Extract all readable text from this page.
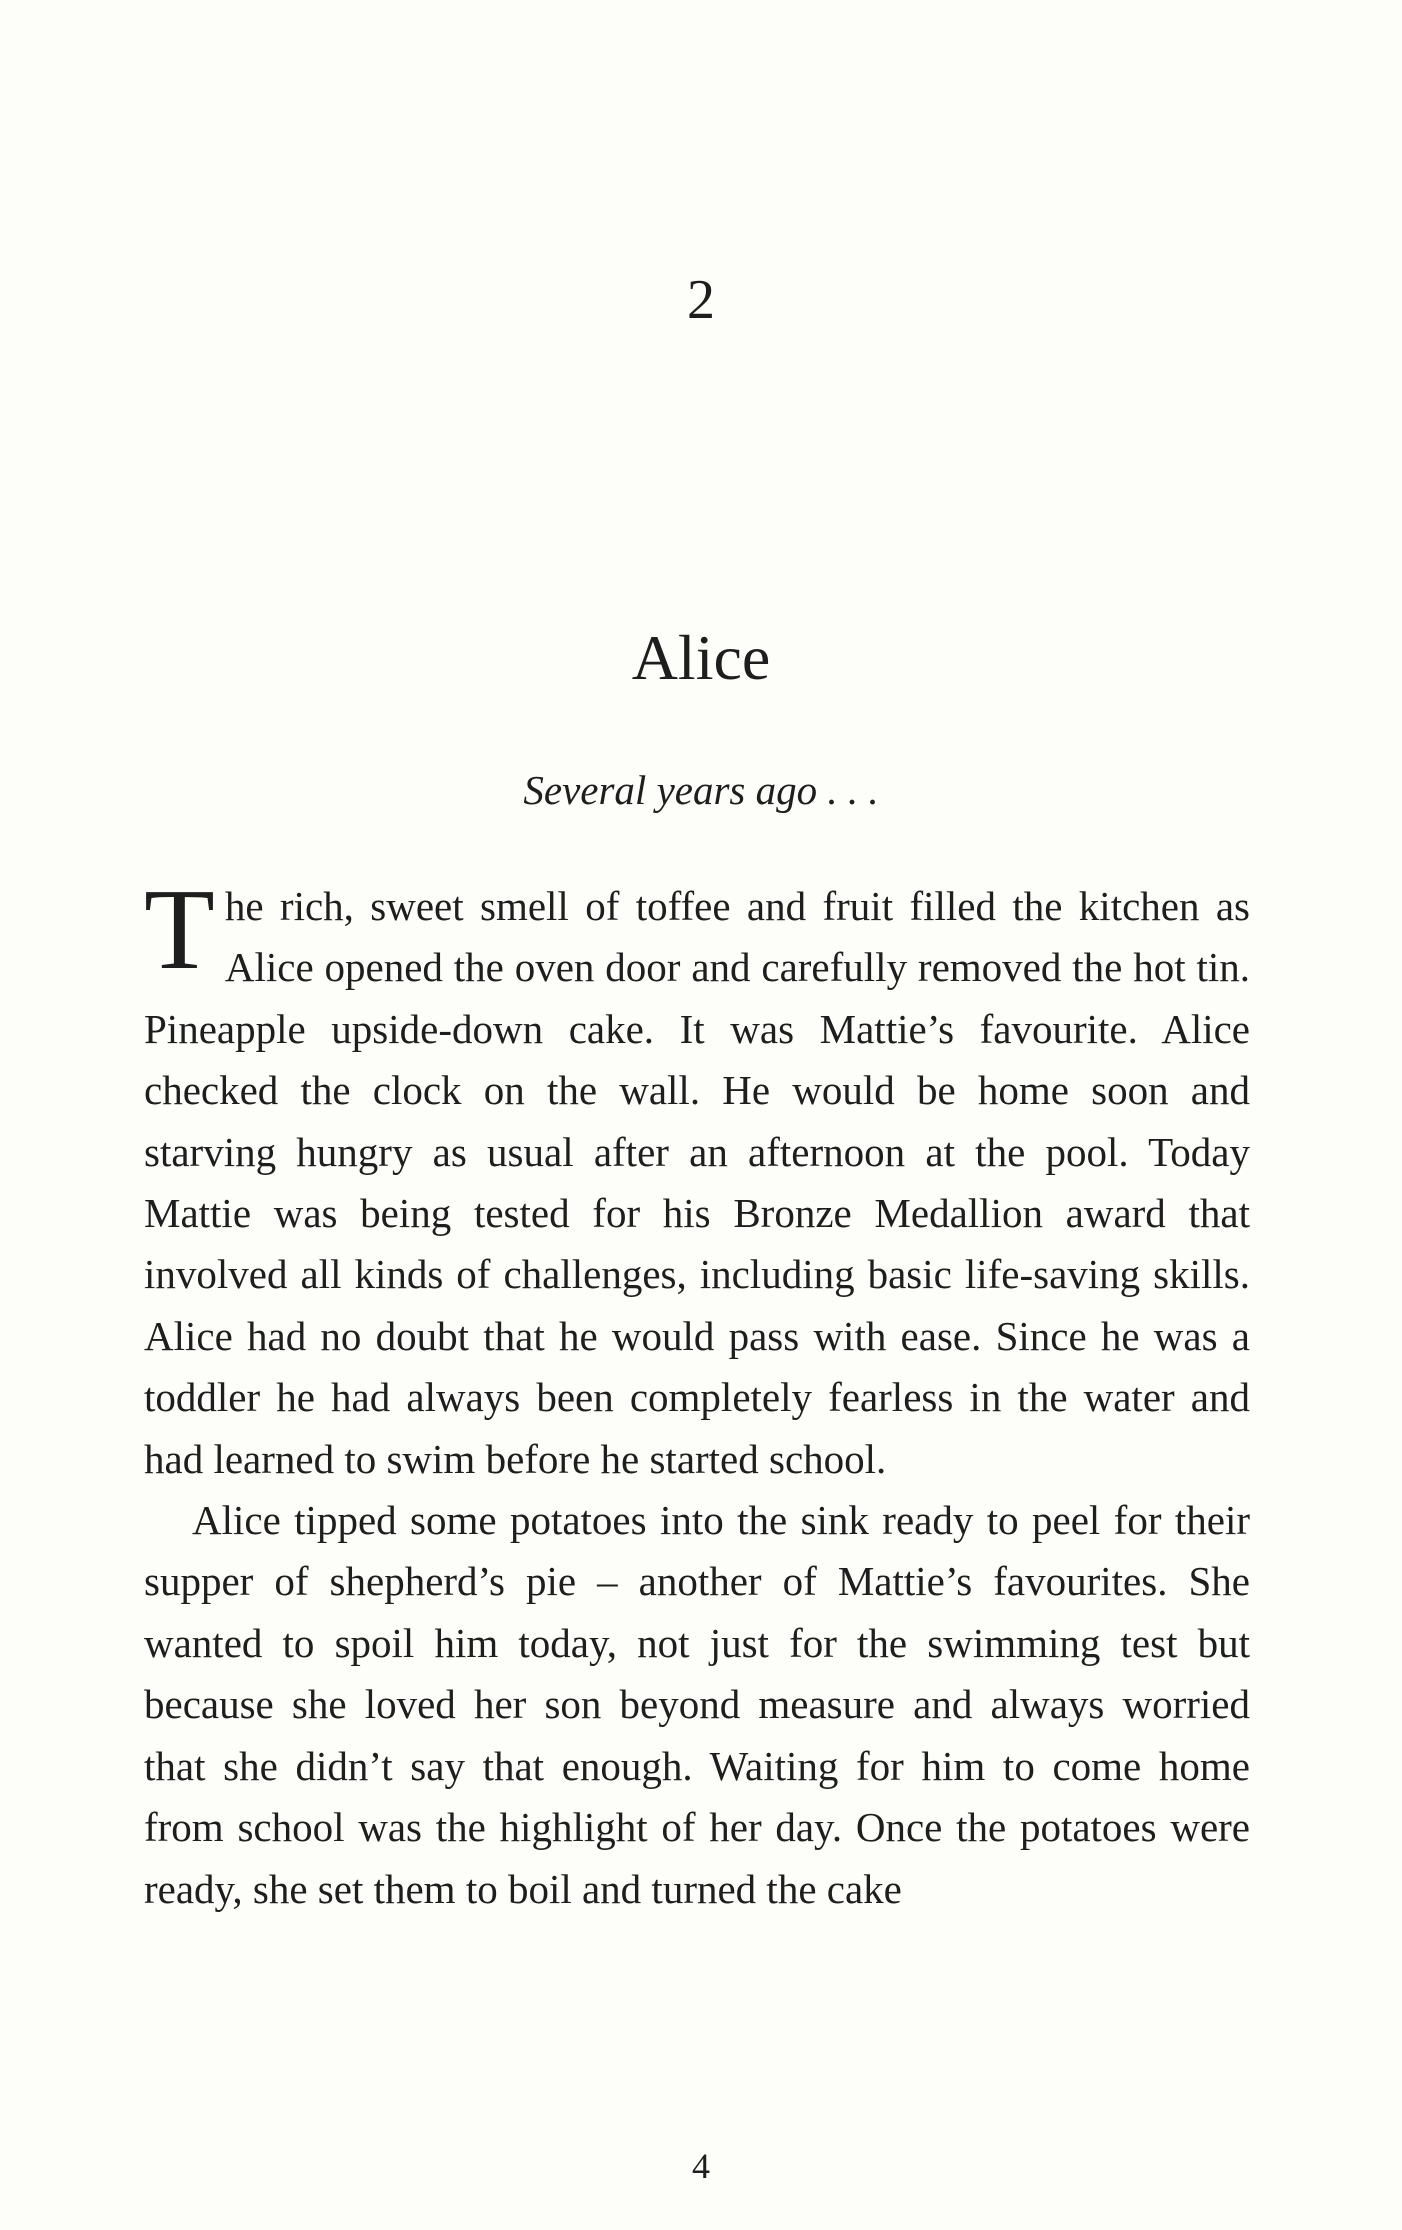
2
Alice
Several years ago . . .

The rich, sweet smell of toffee and fruit filled the kitchen as Alice opened the oven door and carefully removed the hot tin. Pineapple upside-down cake. It was Mattie’s favourite. Alice checked the clock on the wall. He would be home soon and starving hungry as usual after an afternoon at the pool. Today Mattie was being tested for his Bronze Medallion award that involved all kinds of challenges, including basic life-saving skills. Alice had no doubt that he would pass with ease. Since he was a toddler he had always been completely fearless in the water and had learned to swim before he started school.

Alice tipped some potatoes into the sink ready to peel for their supper of shepherd’s pie – another of Mattie’s favourites. She wanted to spoil him today, not just for the swimming test but because she loved her son beyond measure and always worried that she didn’t say that enough. Waiting for him to come home from school was the highlight of her day. Once the potatoes were ready, she set them to boil and turned the cake

4
